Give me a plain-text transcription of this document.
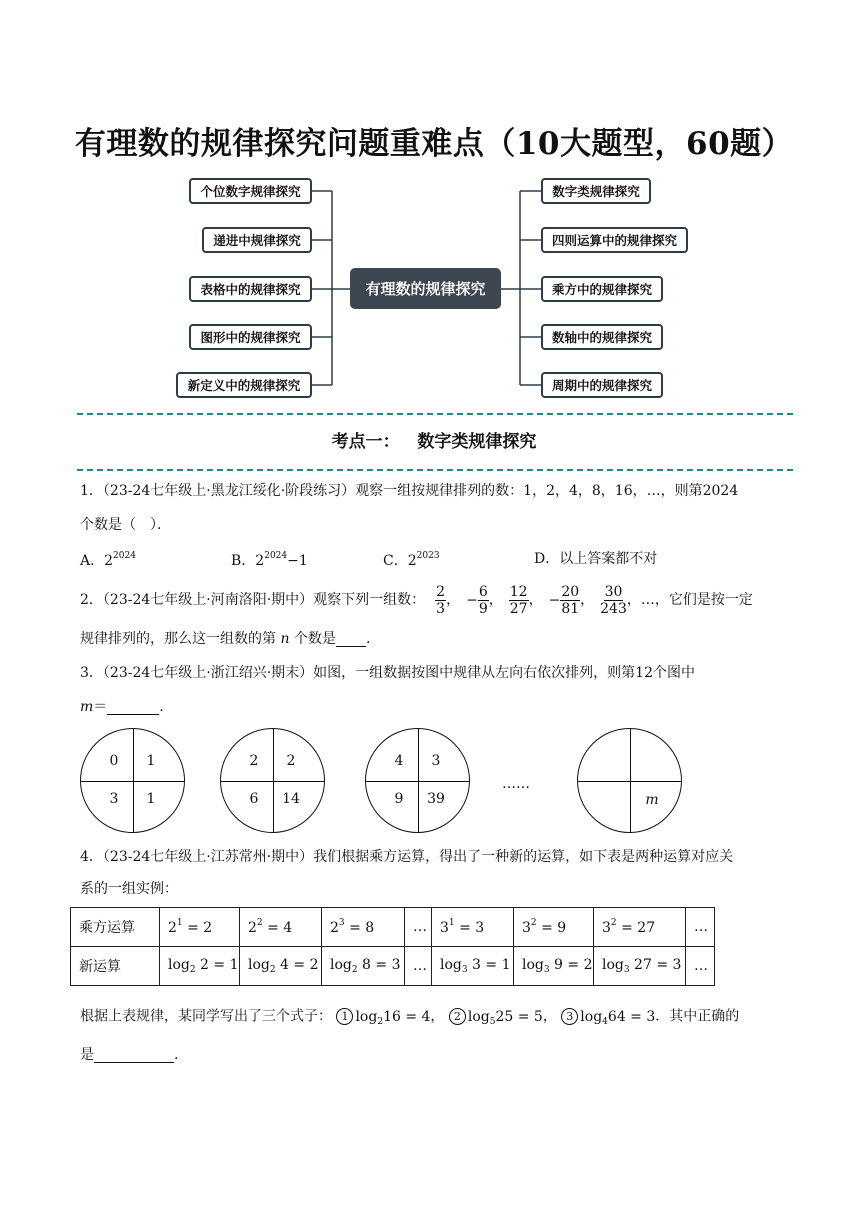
有理数的规律探究问题重难点（10大题型，60题）
有理数的规律探究
个位数字规律探究
递进中规律探究
表格中的规律探究
图形中的规律探究
新定义中的规律探究
数字类规律探究
四则运算中的规律探究
乘方中的规律探究
数轴中的规律探究
周期中的规律探究
考点一： 数字类规律探究
1．（23-24七年级上·黑龙江绥化·阶段练习）观察一组按规律排列的数：1，2，4，8，16，…，则第2024
个数是（　）．
A．$2^{2024}$	B．$2^{2024}-1$	C．$2^{2023}$	D．以上答案都不对
2．（23-24七年级上·河南洛阳·期中）观察下列一组数： $\frac{2}{3}$ ， − $\frac{6}{9}$ ， $\frac{12}{27}$ ， − $\frac{20}{81}$ ， $\frac{30}{243}$ ，…，它们是按一定
规律排列的，那么这一组数的第 n 个数是 .
3．（23-24七年级上·浙江绍兴·期末）如图，一组数据按图中规律从左向右依次排列，则第12个图中
m＝	.
0	1
3	1
2	2
6	14
4	3
9	39
……
m
4．（23-24七年级上·江苏常州·期中）我们根据乘方运算，得出了一种新的运算，如下表是两种运算对应关
系的一组实例：
乘方运算	$2^1 = 2$	$2^2 = 4$	$2^3 = 8$	…	$3^1 = 3$	$3^2 = 9$	$3^2 = 27$	…
新运算	$\log_2 2 = 1$	$\log_2 4 = 2$	$\log_2 8 = 3$	…	$\log_3 3 = 1$	$\log_3 9 = 2$	$\log_3 27 = 3$	…
根据上表规律，某同学写出了三个式子： 1 $\log_216 = 4$， 2 $\log_525 = 5$， 3 $\log_464 = 3$．其中正确的
是	.
